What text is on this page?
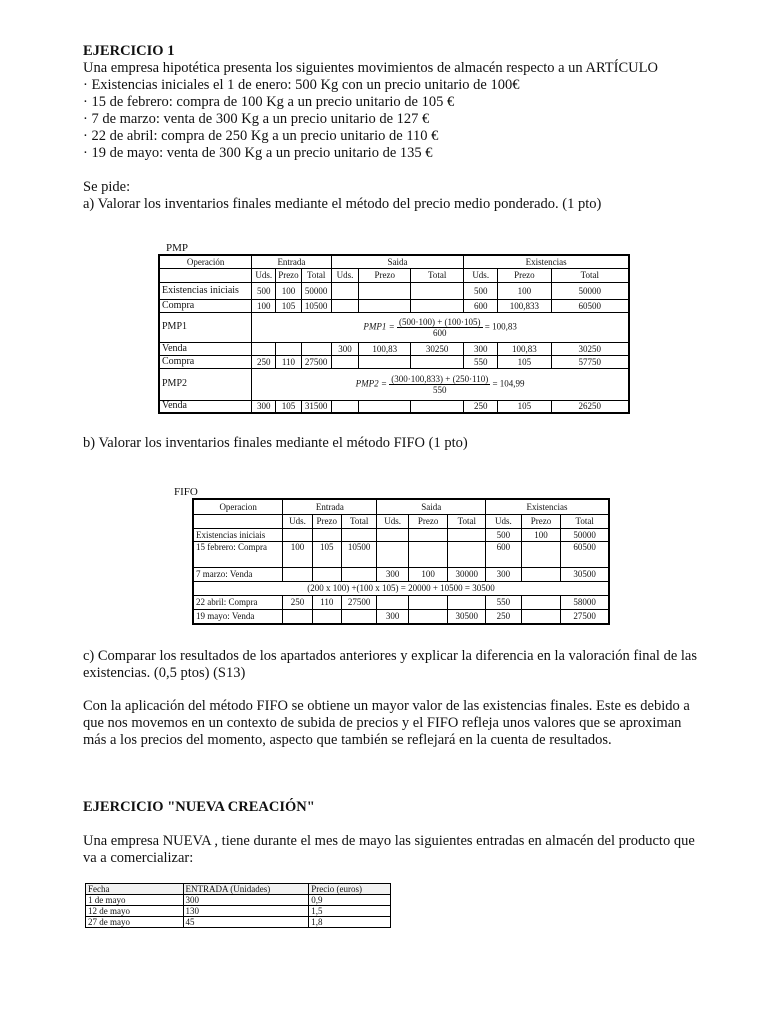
EJERCICIO 1
Una empresa hipotética presenta los siguientes movimientos de almacén respecto a un ARTÍCULO
· Existencias iniciales el 1 de enero: 500 Kg con un precio unitario de 100€
· 15 de febrero: compra de 100 Kg a un precio unitario de 105 €
· 7 de marzo: venta de 300 Kg a un precio unitario de 127 €
· 22 de abril: compra de 250 Kg a un precio unitario de 110 €
· 19 de mayo: venta de 300 Kg a un precio unitario de 135 €
Se pide:
a) Valorar los inventarios finales mediante el método del precio medio ponderado. (1 pto)
PMP
Operación	Entrada			Saida			Existencias		
	Uds.	Prezo	Total	Uds.	Prezo	Total	Uds.	Prezo	Total
Existencias iniciais	500	100	50000				500	100	50000
Compra	100	105	10500				600	100,833	60500
PMP1	$PMP1 = \frac{(500\cdot 100) + (100\cdot 105)}{600} = 100,83$								
Venda				300	100,83	30250	300	100,83	30250
Compra	250	110	27500				550	105	57750
PMP2	$PMP2 = \frac{(300\cdot 100,833) + (250\cdot 110)}{550} = 104,99$								
Venda	300	105	31500				250	105	26250
b) Valorar los inventarios finales mediante el método FIFO (1 pto)
FIFO
Operacion	Entrada			Saida			Existencias		
	Uds.	Prezo	Total	Uds.	Prezo	Total	Uds.	Prezo	Total
Existencias iniciais							500	100	50000
15 febrero: Compra	100	105	10500				600		60500
7 marzo: Venda				300	100	30000	300		30500
(200 x 100) +(100 x 105) = 20000 + 10500 = 30500									
22 abril: Compra	250	110	27500				550		58000
19 mayo: Venda				300		30500	250		27500
c) Comparar los resultados de los apartados anteriores y explicar la diferencia en la valoración final de las existencias. (0,5 ptos) (S13)
Con la aplicación del método FIFO se obtiene un mayor valor de las existencias finales. Este es debido a que nos movemos en un contexto de subida de precios y el FIFO refleja unos valores que se aproximan más a los precios del momento, aspecto que también se reflejará en la cuenta de resultados.
EJERCICIO "NUEVA CREACIÓN"
Una empresa NUEVA , tiene durante el mes de mayo las siguientes entradas en almacén del producto que va a comercializar:
Fecha	ENTRADA (Unidades)	Precio (euros)
1 de mayo	300	0,9
12 de mayo	130	1,5
27 de mayo	45	1,8
